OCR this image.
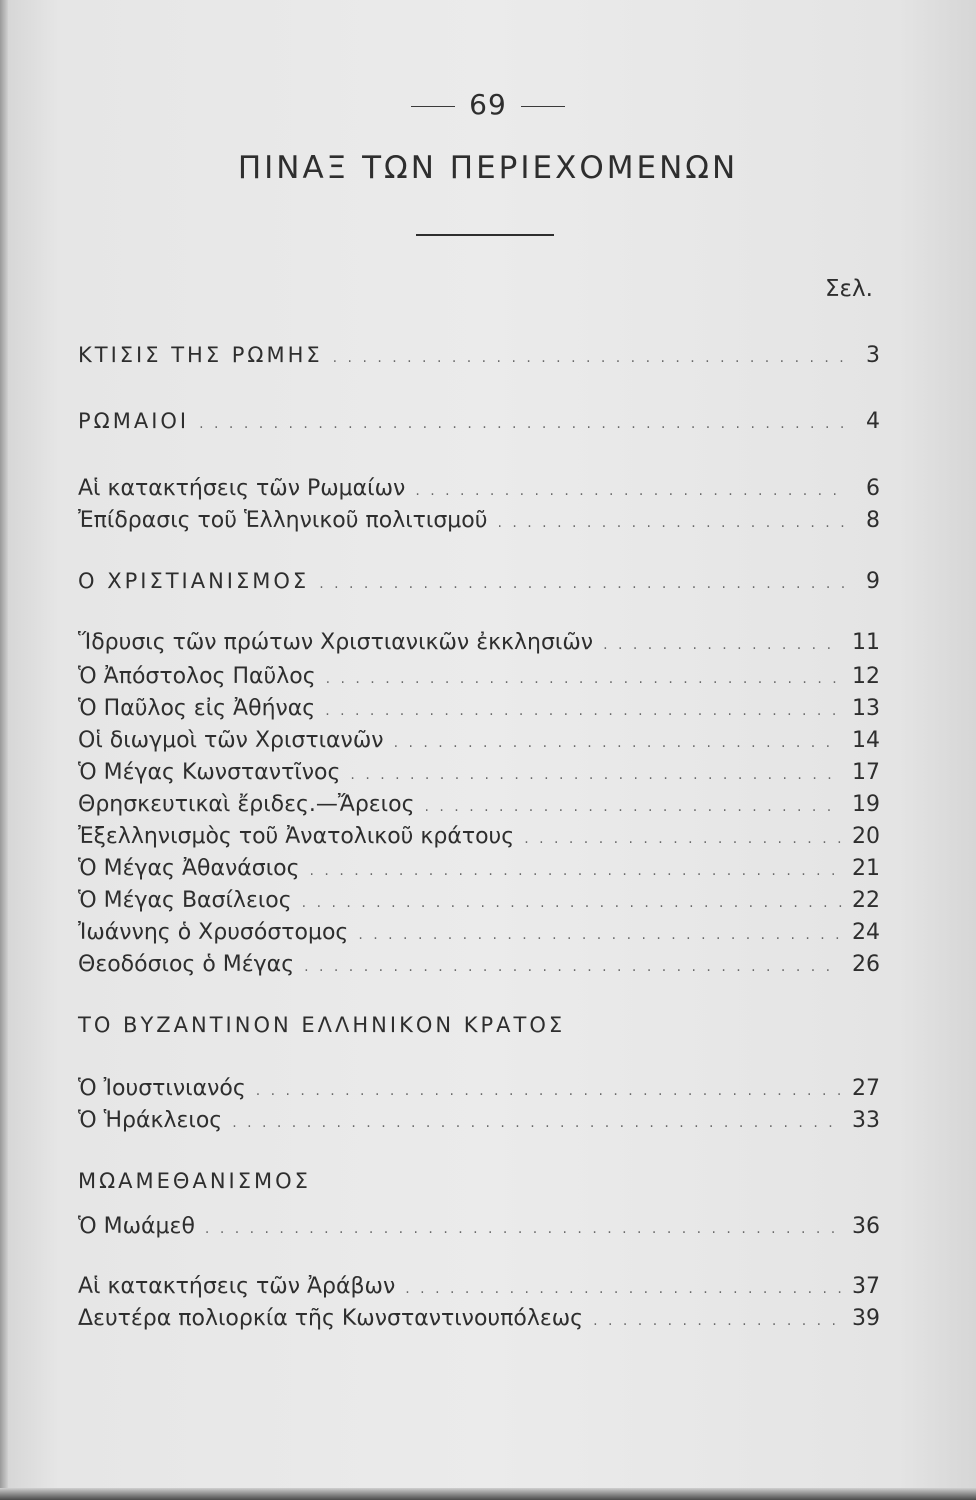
69
ΠΙΝΑΞ ΤΩΝ ΠΕΡΙΕΧΟΜΕΝΩΝ
Σελ.
ΚΤΙΣΙΣ ΤΗΣ ΡΩΜΗΣ . . .	3
ΡΩΜΑΙΟΙ . . .	4
Αἱ κατακτήσεις τῶν Ρωμαίων . . .	6
Ἐπίδρασις τοῦ Ἑλληνικοῦ πολιτισμοῦ . . .	8
Ο ΧΡΙΣΤΙΑΝΙΣΜΟΣ . . .	9
Ἵδρυσις τῶν πρώτων Χριστιανικῶν ἐκκλησιῶν . . .	11
Ὁ Ἀπόστολος Παῦλος . . .	12
Ὁ Παῦλος εἰς Ἀθήνας . . .	13
Οἱ διωγμοὶ τῶν Χριστιανῶν . . .	14
Ὁ Μέγας Κωνσταντῖνος . . .	17
Θρησκευτικαὶ ἔριδες.—Ἄρειος . . .	19
Ἐξελληνισμὸς τοῦ Ἀνατολικοῦ κράτους . . .	20
Ὁ Μέγας Ἀθανάσιος . . .	21
Ὁ Μέγας Βασίλειος . . .	22
Ἰωάννης ὁ Χρυσόστομος . . .	24
Θεοδόσιος ὁ Μέγας . . .	26
ΤΟ ΒΥΖΑΝΤΙΝΟΝ ΕΛΛΗΝΙΚΟΝ ΚΡΑΤΟΣ
Ὁ Ἰουστινιανός . . .	27
Ὁ Ἡράκλειος . . .	33
ΜΩΑΜΕΘΑΝΙΣΜΟΣ
Ὁ Μωάμεθ . . .	36
Αἱ κατακτήσεις τῶν Ἀράβων . . .	37
Δευτέρα πολιορκία τῆς Κωνσταντινουπόλεως . . .	39
